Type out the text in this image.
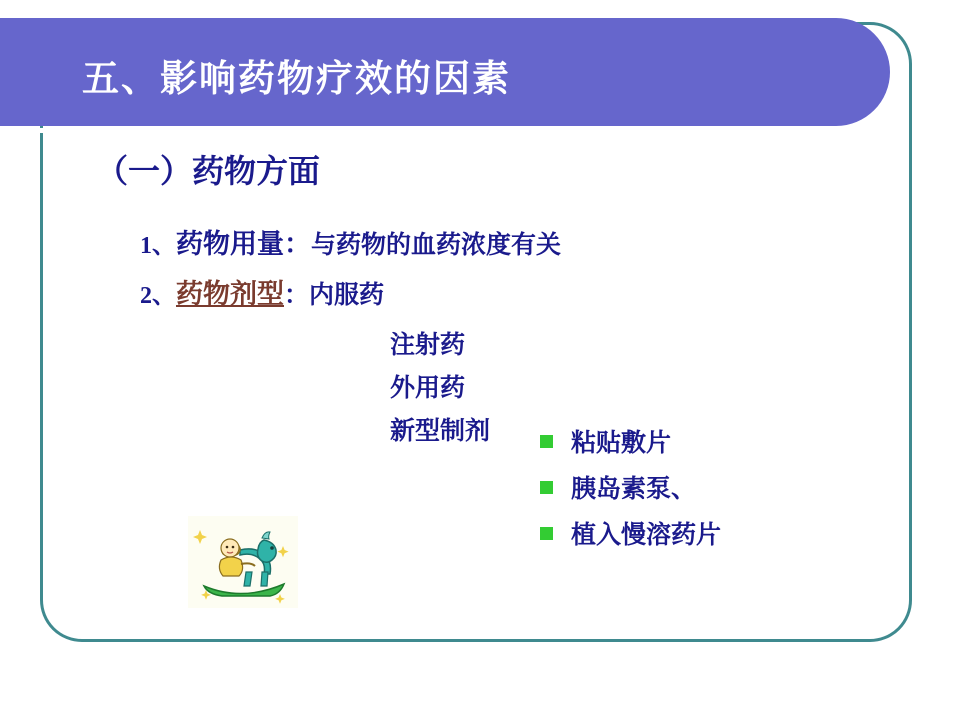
五、影响药物疗效的因素
（一）药物方面
1、药物用量：与药物的血药浓度有关
2、药物剂型：内服药
注射药
外用药
新型制剂	粘贴敷片
胰岛素泵、
植入慢溶药片
